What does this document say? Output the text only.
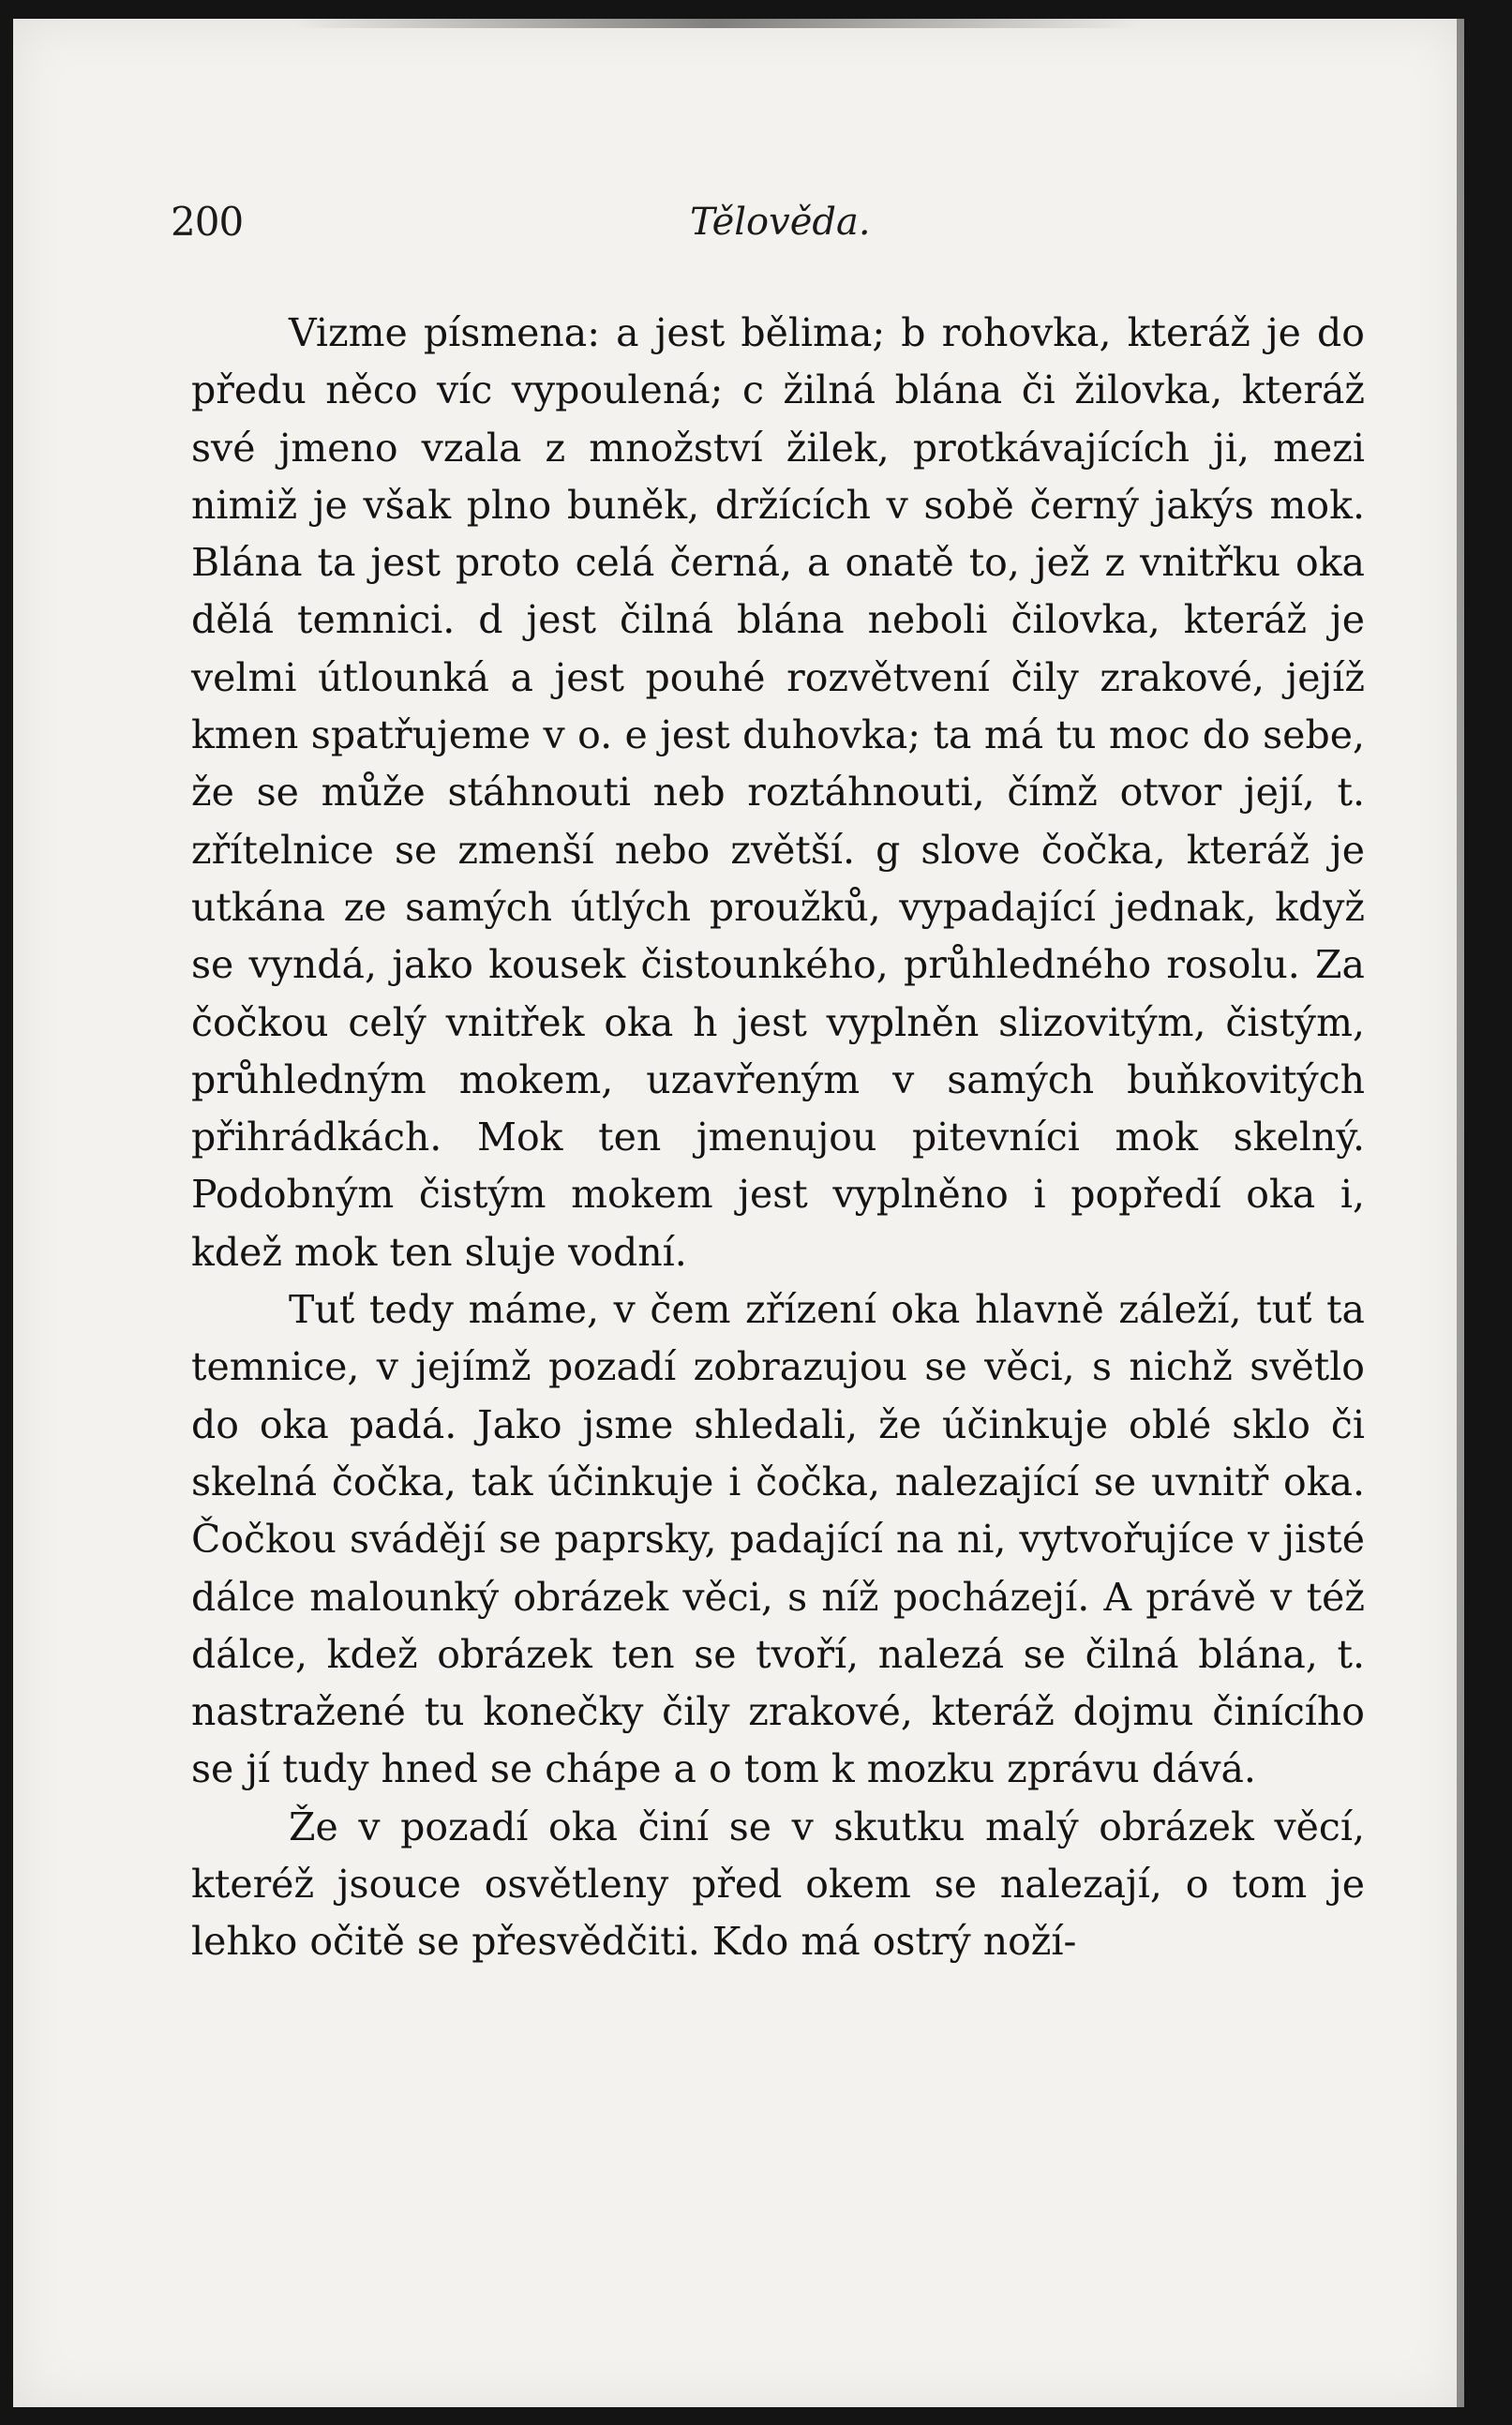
200	Tělověda.

Vizme písmena: a jest bělima; b rohovka, kteráž je do předu něco víc vypoulená; c žilná blána či žilovka, kteráž své jmeno vzala z množství žilek, protkávajících ji, mezi nimiž je však plno buněk, držících v sobě černý jakýs mok. Blána ta jest proto celá černá, a onatě to, jež z vnitřku oka dělá temnici. d jest čilná blána neboli čilovka, kteráž je velmi útlounká a jest pouhé rozvětvení čily zrakové, jejíž kmen spatřujeme v o. e jest duhovka; ta má tu moc do sebe, že se může stáhnouti neb roztáhnouti, čímž otvor její, t. zřítelnice se zmenší nebo zvětší. g slove čočka, kteráž je utkána ze samých útlých proužků, vypadající jednak, když se vyndá, jako kousek čistounkého, průhledného rosolu. Za čočkou celý vnitřek oka h jest vyplněn slizovitým, čistým, průhledným mokem, uzavřeným v samých buňkovitých přihrádkách. Mok ten jmenujou pitevníci mok skelný. Podobným čistým mokem jest vyplněno i popředí oka i, kdež mok ten sluje vodní.

Tuť tedy máme, v čem zřízení oka hlavně záleží, tuť ta temnice, v jejímž pozadí zobrazujou se věci, s nichž světlo do oka padá. Jako jsme shledali, že účinkuje oblé sklo či skelná čočka, tak účinkuje i čočka, nalezající se uvnitř oka. Čočkou svádějí se paprsky, padající na ni, vytvořujíce v jisté dálce malounký obrázek věci, s níž pocházejí. A právě v též dálce, kdež obrázek ten se tvoří, nalezá se čilná blána, t. nastražené tu konečky čily zrakové, kteráž dojmu činícího se jí tudy hned se chápe a o tom k mozku zprávu dává.

Že v pozadí oka činí se v skutku malý obrázek věcí, kteréž jsouce osvětleny před okem se nalezají, o tom je lehko očitě se přesvědčiti. Kdo má ostrý noží-
